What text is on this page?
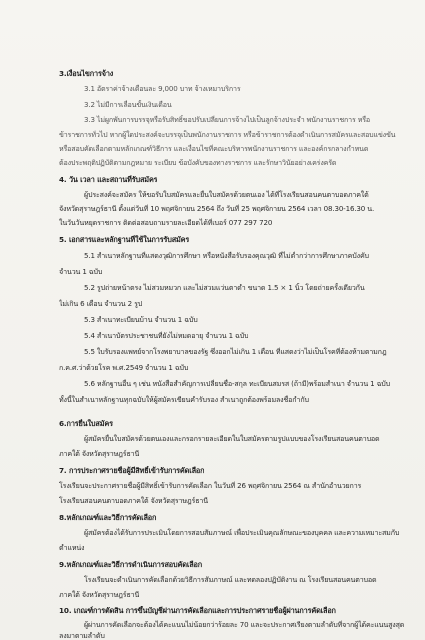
3.เงื่อนไขการจ้าง
3.1 อัตราค่าจ้างเดือนละ 9,000 บาท จ้างเหมาบริการ
3.2 ไม่มีการเลื่อนขั้นเงินเดือน
3.3 ไม่ผูกพันการบรรจุหรือรับสิทธิ์ขอปรับเปลี่ยนการจ้างไปเป็นลูกจ้างประจำ พนักงานราชการ หรือ
ข้าราชการทั่วไป หากผู้ใดประสงค์จะบรรจุเป็นพนักงานราชการ หรือข้าราชการต้องดำเนินการสมัครและสอบแข่งขัน
หรือสอบคัดเลือกตามหลักเกณฑ์วิธีการ และเงื่อนไขที่คณะบริหารพนักงานราชการ และองค์กรกลางกำหนด
ต้องประพฤติปฏิบัติตามกฎหมาย ระเบียบ ข้อบังคับของทางราชการ และรักษาวินัยอย่างเคร่งครัด
4. วัน เวลา และสถานที่รับสมัคร
ผู้ประสงค์จะสมัคร ให้ขอรับใบสมัครและยื่นใบสมัครด้วยตนเอง ได้ที่โรงเรียนสอนคนตาบอดภาคใต้
จังหวัดสุราษฎร์ธานี ตั้งแต่วันที่ 10 พฤศจิกายน 2564 ถึง วันที่ 25 พฤศจิกายน 2564 เวลา 08.30-16.30 น.
ในวันวันหยุดราชการ ติดต่อสอบถามรายละเอียดได้ที่เบอร์ 077 297 720
5. เอกสารและหลักฐานที่ใช้ในการรับสมัคร
5.1 สำเนาหลักฐานที่แสดงวุฒิการศึกษา หรือหนังสือรับรองคุณวุฒิ ที่ไม่ต่ำกว่าการศึกษาภาคบังคับ
จำนวน 1 ฉบับ
5.2 รูปถ่ายหน้าตรง ไม่สวมหมวก และไม่สวมแว่นตาดำ ขนาด 1.5 × 1 นิ้ว โดยถ่ายครั้งเดียวกัน
ไม่เกิน 6 เดือน จำนวน 2 รูป
5.3 สำเนาทะเบียนบ้าน จำนวน 1 ฉบับ
5.4 สำเนาบัตรประชาชนที่ยังไม่หมดอายุ จำนวน 1 ฉบับ
5.5 ใบรับรองแพทย์จากโรงพยาบาลของรัฐ ซึ่งออกไม่เกิน 1 เดือน ที่แสดงว่าไม่เป็นโรคที่ต้องห้ามตามกฎ
ก.ค.ศ.ว่าด้วยโรค พ.ศ.2549 จำนวน 1 ฉบับ
5.6 หลักฐานอื่น ๆ เช่น หนังสือสำคัญการเปลี่ยนชื่อ-สกุล ทะเบียนสมรส (ถ้ามี)พร้อมสำเนา จำนวน 1 ฉบับ
ทั้งนี้ในสำเนาหลักฐานทุกฉบับให้ผู้สมัครเขียนคำรับรอง สำเนาถูกต้องพร้อมลงชื่อกำกับ
6.การยื่นใบสมัคร
ผู้สมัครยื่นใบสมัครด้วยตนเองและกรอกรายละเอียดในใบสมัครตามรูปแบบของโรงเรียนสอนคนตาบอด
ภาคใต้ จังหวัดสุราษฎร์ธานี
7. การประกาศรายชื่อผู้มีสิทธิ์เข้ารับการคัดเลือก
โรงเรียนจะประกาศรายชื่อผู้มีสิทธิ์เข้ารับการคัดเลือก ในวันที่ 26 พฤศจิกายน 2564 ณ สำนักอำนวยการ
โรงเรียนสอนคนตาบอดภาคใต้ จังหวัดสุราษฎร์ธานี
8.หลักเกณฑ์และวิธีการคัดเลือก
ผู้สมัครต้องได้รับการประเมินโดยการสอบสัมภาษณ์ เพื่อประเมินคุณลักษณะของบุคคล และความเหมาะสมกับ
ตำแหน่ง
9.หลักเกณฑ์และวิธีการดำเนินการสอบคัดเลือก
โรงเรียนจะดำเนินการคัดเลือกด้วยวิธีการสัมภาษณ์ และทดลองปฏิบัติงาน ณ โรงเรียนสอนคนตาบอด
ภาคใต้ จังหวัดสุราษฎร์ธานี
10. เกณฑ์การตัดสิน การขึ้นบัญชีผ่านการคัดเลือกและการประกาศรายชื่อผู้ผ่านการคัดเลือก
ผู้ผ่านการคัดเลือกจะต้องได้คะแนนไม่น้อยกว่าร้อยละ 70 และจะประกาศเรียงตามลำดับที่จากผู้ได้คะแนนสูงสุด
ลงมาตามลำดับ
